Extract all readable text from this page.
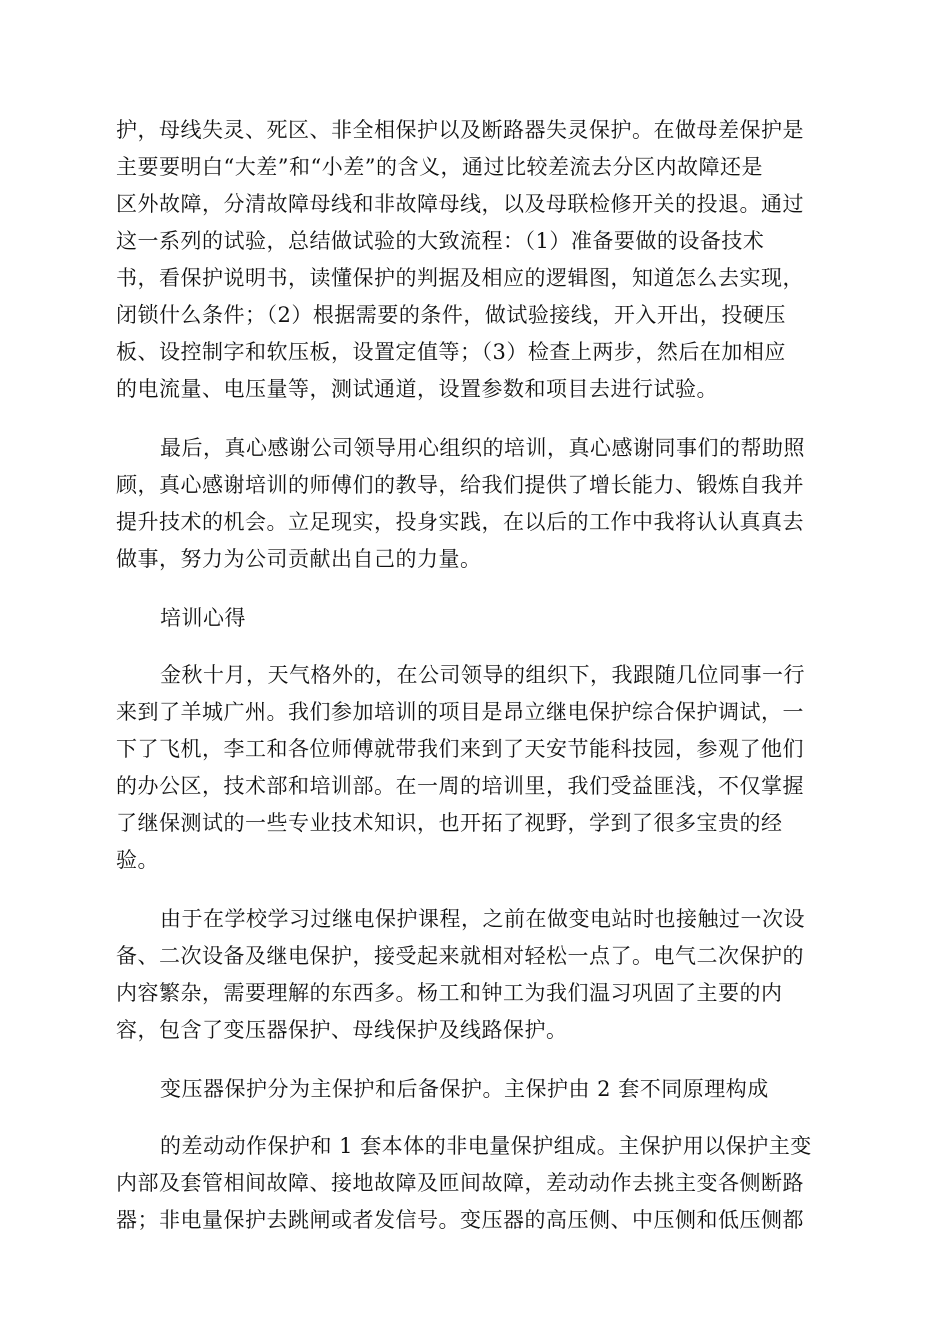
护，母线失灵、死区、非全相保护以及断路器失灵保护。在做母差保护是
主要要明白“大差”和“小差”的含义，通过比较差流去分区内故障还是
区外故障，分清故障母线和非故障母线，以及母联检修开关的投退。通过
这一系列的试验，总结做试验的大致流程：（1）准备要做的设备技术
书，看保护说明书，读懂保护的判据及相应的逻辑图，知道怎么去实现，
闭锁什么条件；（2）根据需要的条件，做试验接线，开入开出，投硬压
板、设控制字和软压板，设置定值等；（3）检查上两步，然后在加相应
的电流量、电压量等，测试通道，设置参数和项目去进行试验。
最后，真心感谢公司领导用心组织的培训，真心感谢同事们的帮助照
顾，真心感谢培训的师傅们的教导，给我们提供了增长能力、锻炼自我并
提升技术的机会。立足现实，投身实践，在以后的工作中我将认认真真去
做事，努力为公司贡献出自己的力量。
培训心得
金秋十月，天气格外的，在公司领导的组织下，我跟随几位同事一行
来到了羊城广州。我们参加培训的项目是昂立继电保护综合保护调试，一
下了飞机，李工和各位师傅就带我们来到了天安节能科技园，参观了他们
的办公区，技术部和培训部。在一周的培训里，我们受益匪浅，不仅掌握
了继保测试的一些专业技术知识，也开拓了视野，学到了很多宝贵的经
验。
由于在学校学习过继电保护课程，之前在做变电站时也接触过一次设
备、二次设备及继电保护，接受起来就相对轻松一点了。电气二次保护的
内容繁杂，需要理解的东西多。杨工和钟工为我们温习巩固了主要的内
容，包含了变压器保护、母线保护及线路保护。
变压器保护分为主保护和后备保护。主保护由 2 套不同原理构成
的差动动作保护和 1 套本体的非电量保护组成。主保护用以保护主变
内部及套管相间故障、接地故障及匝间故障，差动动作去挑主变各侧断路
器；非电量保护去跳闸或者发信号。变压器的高压侧、中压侧和低压侧都
